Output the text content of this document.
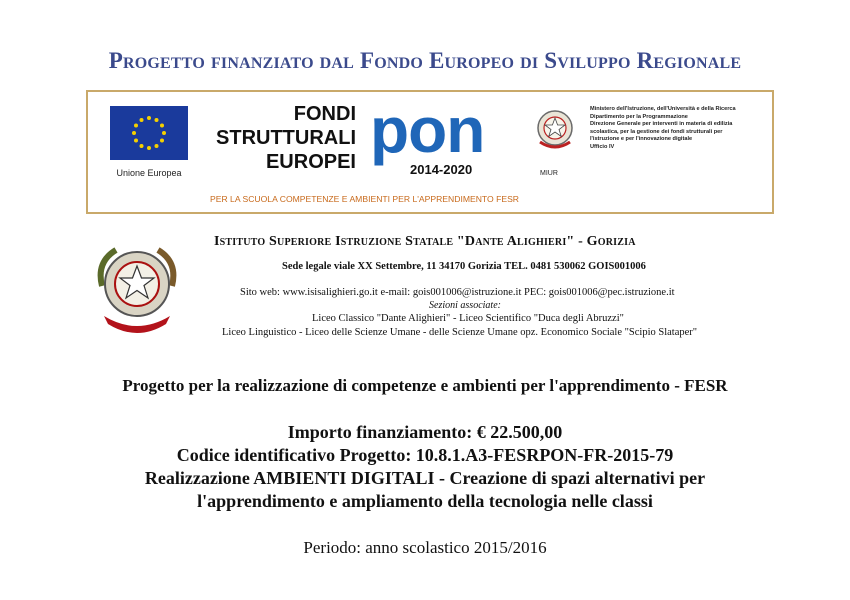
Progetto finanziato dal Fondo Europeo di Sviluppo Regionale
Unione Europea
FONDI
STRUTTURALI
EUROPEI pon
2014-2020	MIUR
Ministero dell'Istruzione, dell'Università e della Ricerca
Dipartimento per la Programmazione
Direzione Generale per interventi in materia di edilizia
scolastica, per la gestione dei fondi strutturali per
l'istruzione e per l'innovazione digitale
Ufficio IV
PER LA SCUOLA COMPETENZE E AMBIENTI PER L'APPRENDIMENTO FESR
Istituto Superiore Istruzione Statale "Dante Alighieri" - Gorizia
Sede legale viale XX Settembre, 11 34170 Gorizia TEL. 0481 530062 GOIS001006
Sito web: www.isisalighieri.go.it e-mail: gois001006@istruzione.it PEC: gois001006@pec.istruzione.it
Sezioni associate:
Liceo Classico "Dante Alighieri" - Liceo Scientifico "Duca degli Abruzzi"
Liceo Linguistico - Liceo delle Scienze Umane - delle Scienze Umane opz. Economico Sociale "Scipio Slataper"
Progetto per la realizzazione di competenze e ambienti per l'apprendimento - FESR
Importo finanziamento: € 22.500,00
Codice identificativo Progetto: 10.8.1.A3-FESRPON-FR-2015-79
Realizzazione AMBIENTI DIGITALI - Creazione di spazi alternativi per
l'apprendimento e ampliamento della tecnologia nelle classi
Periodo: anno scolastico 2015/2016
